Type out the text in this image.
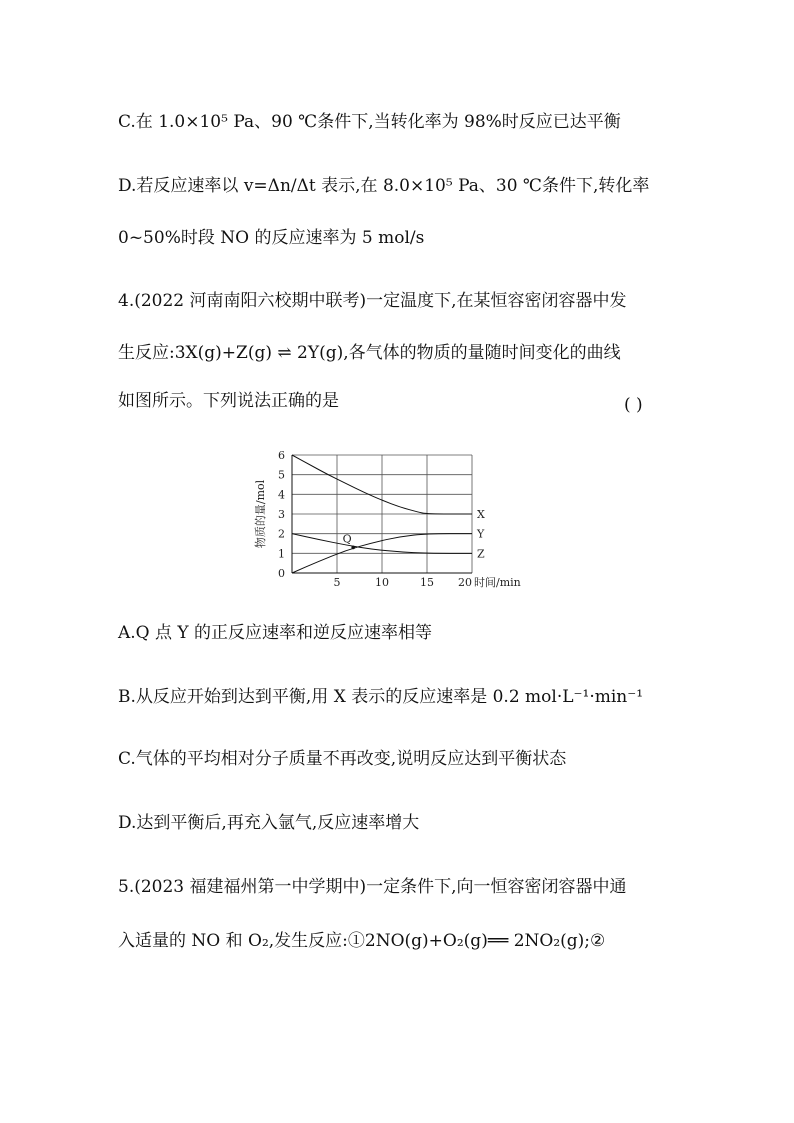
C.在 1.0×10⁵ Pa、90 ℃条件下,当转化率为 98%时反应已达平衡
D.若反应速率以 v=Δn/Δt 表示,在 8.0×10⁵ Pa、30 ℃条件下,转化率
0~50%时段 NO 的反应速率为 5 mol/s
4.(2022 河南南阳六校期中联考)一定温度下,在某恒容密闭容器中发
生反应:3X(g)+Z(g) ⇌ 2Y(g),各气体的物质的量随时间变化的曲线
如图所示。下列说法正确的是	( )
0
1
2
3
4
5
6
5	10	15 20
X
Y
Z
Q
物质的量/mol
时间/min
A.Q 点 Y 的正反应速率和逆反应速率相等
B.从反应开始到达到平衡,用 X 表示的反应速率是 0.2 mol·L⁻¹·min⁻¹
C.气体的平均相对分子质量不再改变,说明反应达到平衡状态
D.达到平衡后,再充入氩气,反应速率增大
5.(2023 福建福州第一中学期中)一定条件下,向一恒容密闭容器中通
入适量的 NO 和 O₂,发生反应:①2NO(g)+O₂(g)══ 2NO₂(g);②
